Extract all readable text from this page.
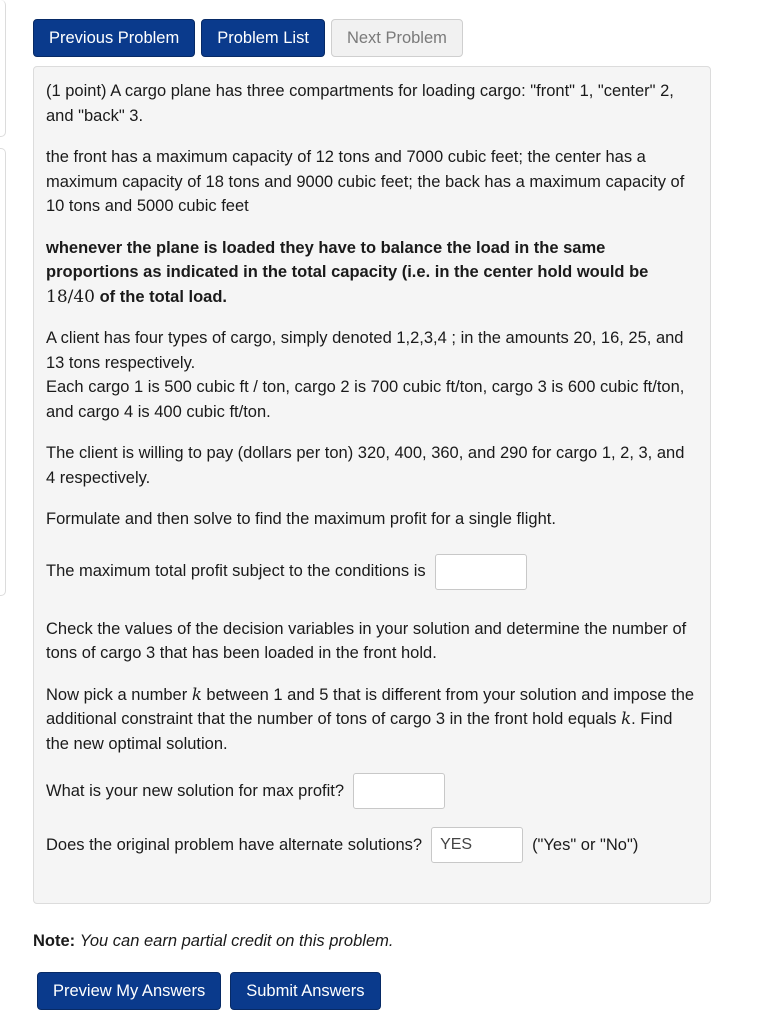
Previous Problem	Problem List	Next Problem

(1 point) A cargo plane has three compartments for loading cargo: "front" 1, "center" 2, and "back" 3.

the front has a maximum capacity of 12 tons and 7000 cubic feet; the center has a maximum capacity of 18 tons and 9000 cubic feet; the back has a maximum capacity of 10 tons and 5000 cubic feet

whenever the plane is loaded they have to balance the load in the same proportions as indicated in the total capacity (i.e. in the center hold would be 18/40 of the total load.

A client has four types of cargo, simply denoted 1,2,3,4 ; in the amounts 20, 16, 25, and 13 tons respectively.
Each cargo 1 is 500 cubic ft / ton, cargo 2 is 700 cubic ft/ton, cargo 3 is 600 cubic ft/ton, and cargo 4 is 400 cubic ft/ton.

The client is willing to pay (dollars per ton) 320, 400, 360, and 290 for cargo 1, 2, 3, and 4 respectively.

Formulate and then solve to find the maximum profit for a single flight.

The maximum total profit subject to the conditions is

Check the values of the decision variables in your solution and determine the number of tons of cargo 3 that has been loaded in the front hold.

Now pick a number k between 1 and 5 that is different from your solution and impose the additional constraint that the number of tons of cargo 3 in the front hold equals k. Find the new optimal solution.

What is your new solution for max profit?
Does the original problem have alternate solutions?
YES	("Yes" or "No")
Note: You can earn partial credit on this problem.
Preview My Answers	Submit Answers
